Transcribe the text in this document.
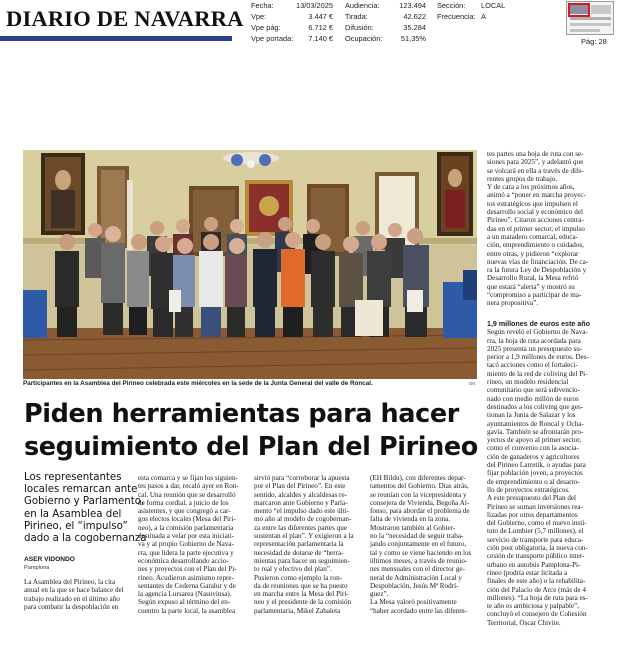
DIARIO DE NAVARRA
Fecha:	13/03/2025
Vpe:	3.447 €
Vpe pág:	6.712 €
Vpe portada: 7.140 €
Audiencia:	123.494
Tirada:	42.622
Difusión:	35.284
Ocupación:	51,35%
Sección: LOCAL
Frecuencia: A
Pág: 28
Participantes en la Asamblea del Pirineo celebrada este miércoles en la sede de la Junta General del valle de Roncal.	DN
Piden herramientas para hacer
seguimiento del Plan del Pirineo
Los representantes
locales remarcan ante
Gobierno y Parlamento,
en la Asamblea del
Pirineo, el “impulso”
dado a la cogobernanza
ASER VIDONDO
Pamplona
La Asamblea del Pirineo, la cita
anual en la que se hace balance del
trabajo realizado en el último año
para combatir la despoblación en
esta comarca y se fijan los siguien-
tes pasos a dar, recaló ayer en Ron-
cal. Una reunión que se desarrolló
de forma cordial, a juicio de los
asistentes, y que congregó a car-
gos electos locales (Mesa del Piri-
neo), a la comisión parlamentaria
destinada a velar por esta iniciati-
va y al propio Gobierno de Nava-
rra, que lidera la parte ejecutiva y
económica desarrollando accio-
nes y proyectos con el Plan del Pi-
rineo. Acudieron asimismo repre-
sentantes de Cederna Garalur y de
la agencia Lursarea (Nasuvinsa).
Según expuso al término del en-
cuentro la parte local, la asamblea
sirvió para “corroborar la apuesta
por el Plan del Pirineo”. En este
sentido, alcaldes y alcaldesas re-
marcaron ante Gobierno y Parla-
mento “el impulso dado este últi-
mo año al modelo de cogobernan-
za entre las diferentes partes que
sustentan el plan”. Y exigieron a la
representación parlamentaria la
necesidad de dotarse de “herra-
mientas para hacer un seguimien-
to real y efectivo del plan”.
Pusieron como ejemplo la ron-
da de reuniones que se ha puesto
en marcha entre la Mesa del Piri-
neo y el presidente de la comisión
parlamentaria, Mikel Zabaleta
(EH Bildu), con diferentes depar-
tamentos del Gobierno. Días atrás,
se reunían con la vicepresidenta y
consejera de Vivienda, Begoña Al-
fonso, para abordar el problema de
falta de vivienda en la zona.
Mostraron también al Gobier-
no la “necesidad de seguir traba-
jando conjuntamente en el futuro,
tal y como se viene haciendo en los
últimos meses, a través de reunio-
nes mensuales con el director ge-
neral de Administración Local y
Despoblación, Jesús Mª Rodrí-
guez”.
La Mesa valoró positivamente
“haber acordado entre las diferen-
tes partes una hoja de ruta con se-
siones para 2025”, y adelantó que
se volcará en ella a través de dife-
rentes grupos de trabajo.
Y de cara a los próximos años,
animó a “poner en marcha proyec-
tos estratégicos que impulsen el
desarrollo social y económico del
Pirineo”. Citaron acciones centra-
das en el primer sector, el impulso
a un matadero comarcal, educa-
ción, emprendimiento o cuidados,
entre otras, y pidieron “explorar
nuevas vías de financiación. De ca-
ra la futura Ley de Despoblación y
Desarrollo Rural, la Mesa refrió
que estará “alerta” y mostró su
“compromiso a participar de ma-
nera propositiva”.
1,9 millones de euros este año
Según reveló el Gobierno de Nava-
rra, la hoja de ruta acordada para
2025 presenta un presupuesto su-
perior a 1,9 millones de euros. Des-
tacó acciones como el fortaleci-
miento de la red de coliving del Pi-
rineo, un modelo residencial
comunitario que será subvencio-
nado con medio millón de euros
destinados a los coliving que ges-
tionan la Junta de Salazar y los
ayuntamientos de Roncal y Ocha-
gavía. También se afrontarán pro-
yectos de apoyo al primer sector,
como el convenio con la asocia-
ción de ganaderos y agricultores
del Pirineo Larretik, o ayudas para
fijar población joven, a proyectos
de emprendimiento o al desarro-
llo de proyectos estratégicos.
A este presupuesto del Plan del
Pirineo se suman inversiones rea-
lizadas por otros departamentos
del Gobierno, como el nuevo insti-
tuto de Lumbier (5,7 millones), el
servicio de transporte para educa-
ción post obligatoria, la nueva con-
cesión de transporte público inter-
urbano en autobús Pamplona-Pi-
rineo (podría estar licitada a
finales de este año) o la rehabilita-
ción del Palacio de Arce (más de 4
millones). “La hoja de ruta para es-
te año es ambiciosa y palpable”,
concluyó el consejero de Cohesión
Territorial, Óscar Chivite.
